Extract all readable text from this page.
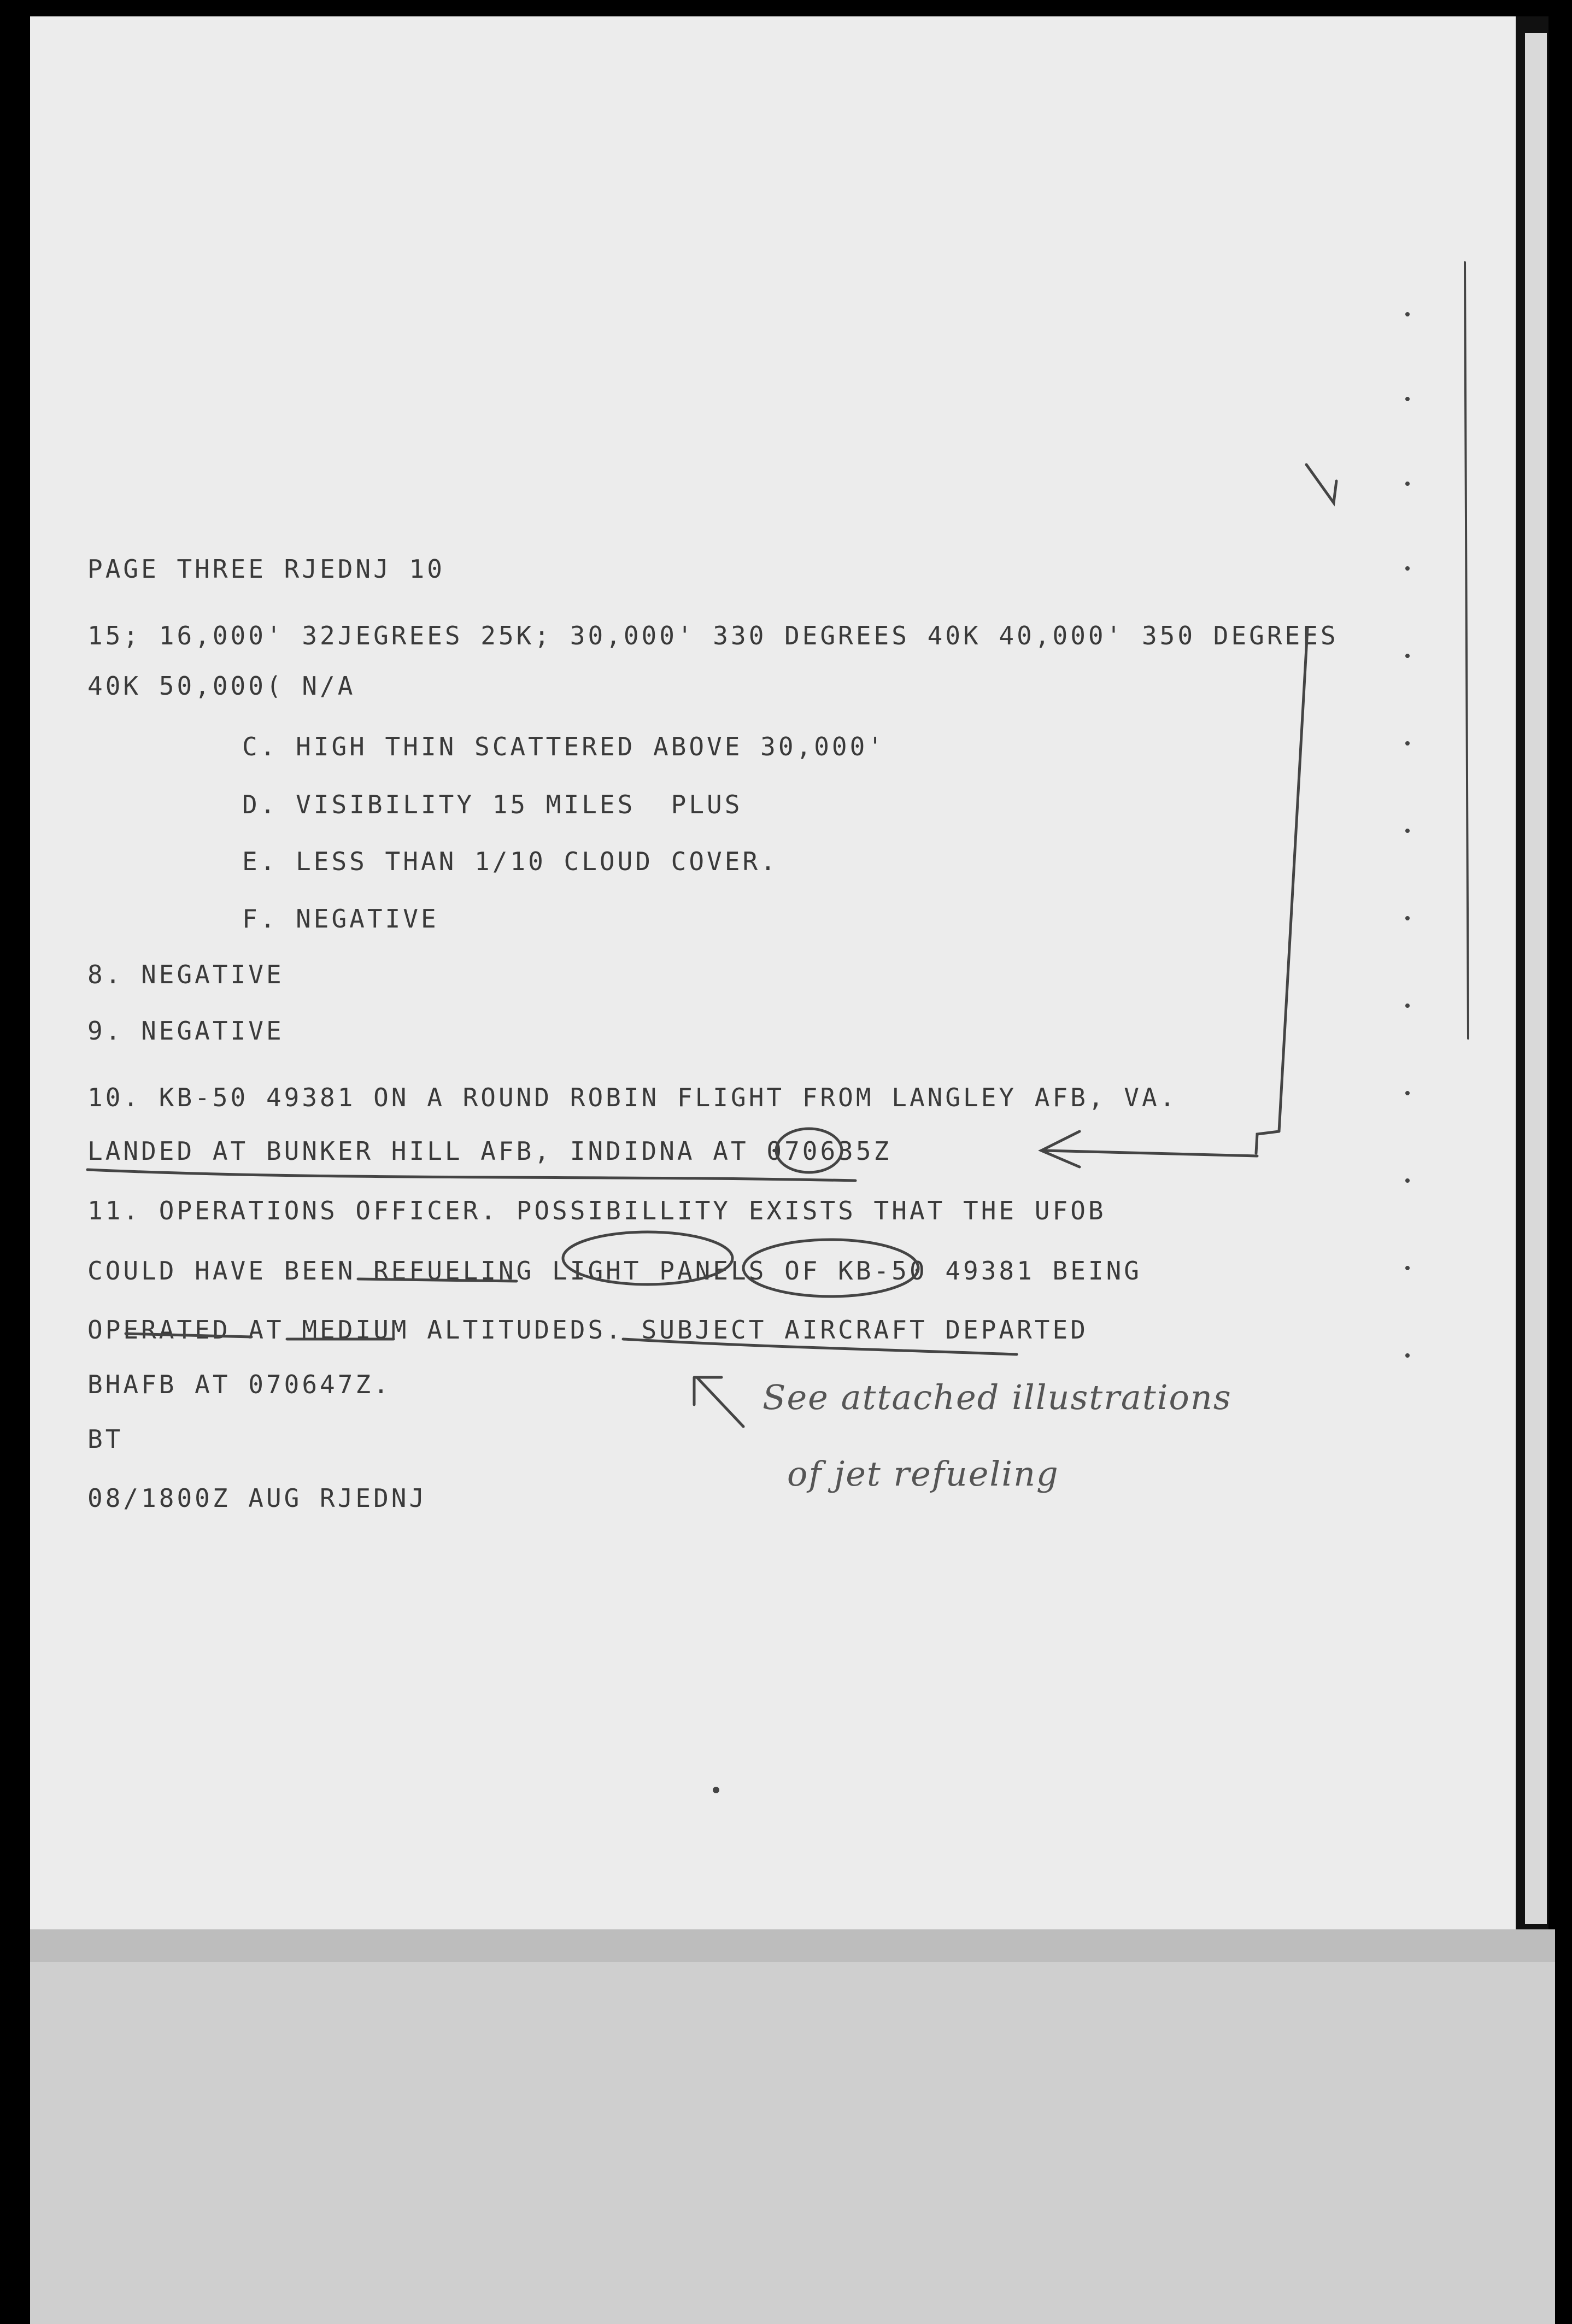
PAGE THREE RJEDNJ 10
15; 16,000' 32JEGREES 25K; 30,000' 330 DEGREES 40K 40,000' 350 DEGREES
40K 50,000( N/A
C. HIGH THIN SCATTERED ABOVE 30,000'
D. VISIBILITY 15 MILES  PLUS
E. LESS THAN 1/10 CLOUD COVER.
F. NEGATIVE
8. NEGATIVE
9. NEGATIVE
10. KB-50 49381 ON A ROUND ROBIN FLIGHT FROM LANGLEY AFB, VA.
LANDED AT BUNKER HILL AFB, INDIDNA AT 070635Z
11. OPERATIONS OFFICER. POSSIBILLITY EXISTS THAT THE UFOB
COULD HAVE BEEN REFUELING LIGHT PANELS OF KB-50 49381 BEING
OPERATED AT MEDIUM ALTITUDEDS. SUBJECT AIRCRAFT DEPARTED
BHAFB AT 070647Z.
BT
08/1800Z AUG RJEDNJ
See attached illustrations
of jet refueling
